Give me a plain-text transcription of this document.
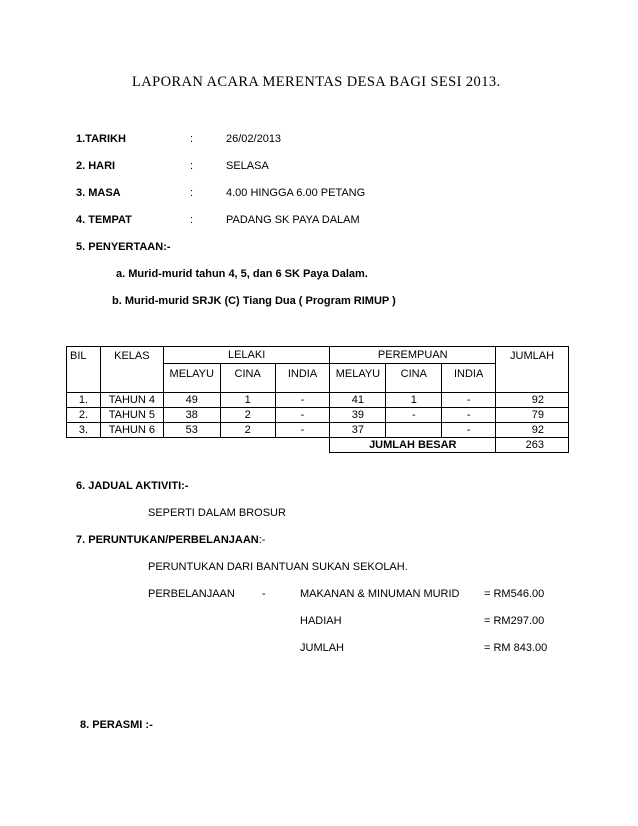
LAPORAN ACARA MERENTAS DESA BAGI SESI 2013.
1.TARIKH	:	26/02/2013
2. HARI	:	SELASA
3. MASA	:	4.00 HINGGA 6.00 PETANG
4. TEMPAT	:	PADANG SK PAYA DALAM
5. PENYERTAAN:-
a. Murid-murid tahun 4, 5, dan 6 SK Paya Dalam.
b. Murid-murid SRJK (C) Tiang Dua ( Program RIMUP )
BIL	KELAS	LELAKI			PEREMPUAN			JUMLAH
		MELAYU	CINA	INDIA	MELAYU	CINA	INDIA	

1.	TAHUN 4	49	1	-	41	1	-	92
2.	TAHUN 5	38	2	-	39	-	-	79
3.	TAHUN 6	53	2	-	37		-	92
					JUMLAH BESAR			263
6. JADUAL AKTIVITI:-
SEPERTI DALAM BROSUR
7. PERUNTUKAN/PERBELANJAAN:-
PERUNTUKAN DARI BANTUAN SUKAN SEKOLAH.
PERBELANJAAN -	MAKANAN & MINUMAN MURID = RM546.00
HADIAH	= RM297.00
JUMLAH	= RM 843.00
8. PERASMI :-
